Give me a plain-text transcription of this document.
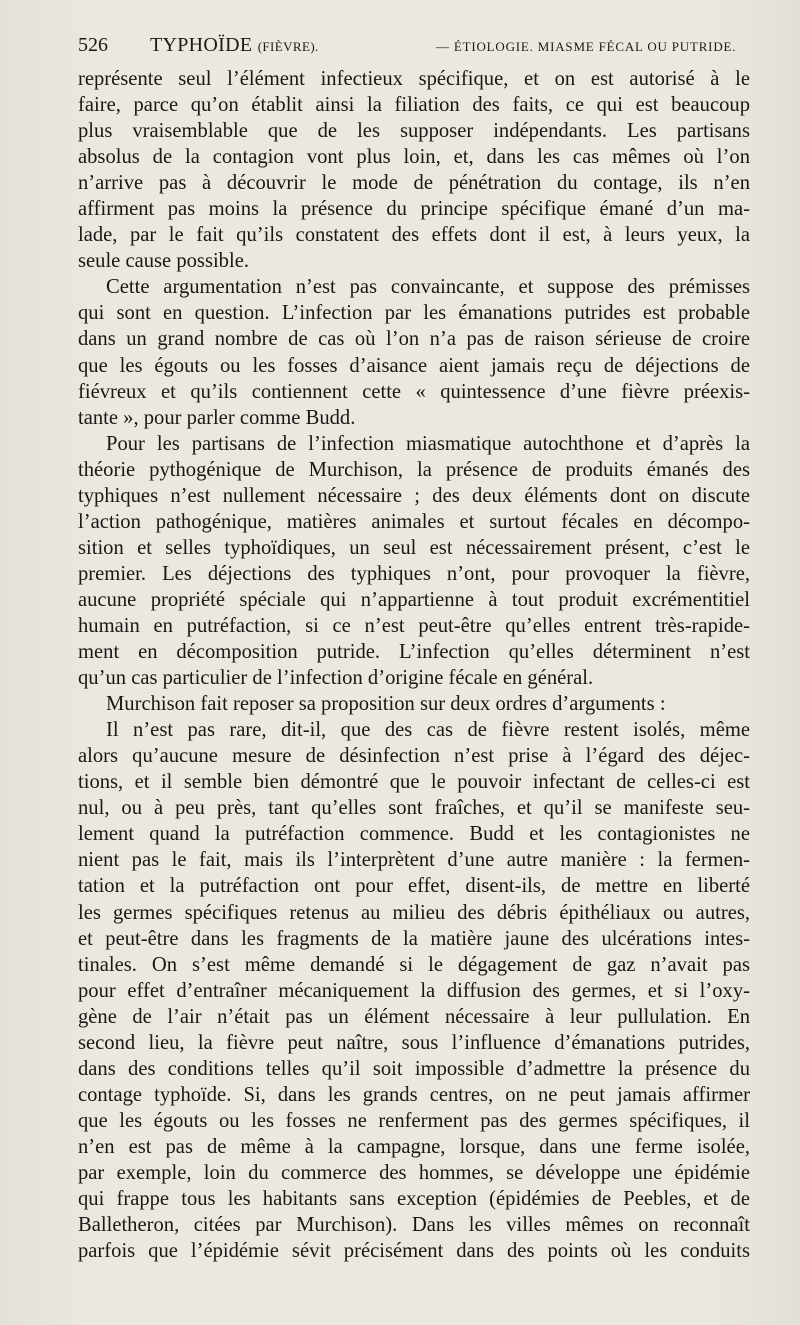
526 TYPHOÏDE (FIÈVRE).	— ÉTIOLOGIE. MIASME FÉCAL OU PUTRIDE.
représente seul l’élément infectieux spécifique, et on est autorisé à le
faire, parce qu’on établit ainsi la filiation des faits, ce qui est beaucoup
plus vraisemblable que de les supposer indépendants. Les partisans
absolus de la contagion vont plus loin, et, dans les cas mêmes où l’on
n’arrive pas à découvrir le mode de pénétration du contage, ils n’en
affirment pas moins la présence du principe spécifique émané d’un ma-
lade, par le fait qu’ils constatent des effets dont il est, à leurs yeux, la
seule cause possible.
Cette argumentation n’est pas convaincante, et suppose des prémisses
qui sont en question. L’infection par les émanations putrides est probable
dans un grand nombre de cas où l’on n’a pas de raison sérieuse de croire
que les égouts ou les fosses d’aisance aient jamais reçu de déjections de
fiévreux et qu’ils contiennent cette « quintessence d’une fièvre préexis-
tante », pour parler comme Budd.
Pour les partisans de l’infection miasmatique autochthone et d’après la
théorie pythogénique de Murchison, la présence de produits émanés des
typhiques n’est nullement nécessaire ; des deux éléments dont on discute
l’action pathogénique, matières animales et surtout fécales en décompo-
sition et selles typhoïdiques, un seul est nécessairement présent, c’est le
premier. Les déjections des typhiques n’ont, pour provoquer la fièvre,
aucune propriété spéciale qui n’appartienne à tout produit excrémentitiel
humain en putréfaction, si ce n’est peut-être qu’elles entrent très-rapide-
ment en décomposition putride. L’infection qu’elles déterminent n’est
qu’un cas particulier de l’infection d’origine fécale en général.
Murchison fait reposer sa proposition sur deux ordres d’arguments :
Il n’est pas rare, dit-il, que des cas de fièvre restent isolés, même
alors qu’aucune mesure de désinfection n’est prise à l’égard des déjec-
tions, et il semble bien démontré que le pouvoir infectant de celles-ci est
nul, ou à peu près, tant qu’elles sont fraîches, et qu’il se manifeste seu-
lement quand la putréfaction commence. Budd et les contagionistes ne
nient pas le fait, mais ils l’interprètent d’une autre manière : la fermen-
tation et la putréfaction ont pour effet, disent-ils, de mettre en liberté
les germes spécifiques retenus au milieu des débris épithéliaux ou autres,
et peut-être dans les fragments de la matière jaune des ulcérations intes-
tinales. On s’est même demandé si le dégagement de gaz n’avait pas
pour effet d’entraîner mécaniquement la diffusion des germes, et si l’oxy-
gène de l’air n’était pas un élément nécessaire à leur pullulation. En
second lieu, la fièvre peut naître, sous l’influence d’émanations putrides,
dans des conditions telles qu’il soit impossible d’admettre la présence du
contage typhoïde. Si, dans les grands centres, on ne peut jamais affirmer
que les égouts ou les fosses ne renferment pas des germes spécifiques, il
n’en est pas de même à la campagne, lorsque, dans une ferme isolée,
par exemple, loin du commerce des hommes, se développe une épidémie
qui frappe tous les habitants sans exception (épidémies de Peebles, et de
Balletheron, citées par Murchison). Dans les villes mêmes on reconnaît
parfois que l’épidémie sévit précisément dans des points où les conduits
